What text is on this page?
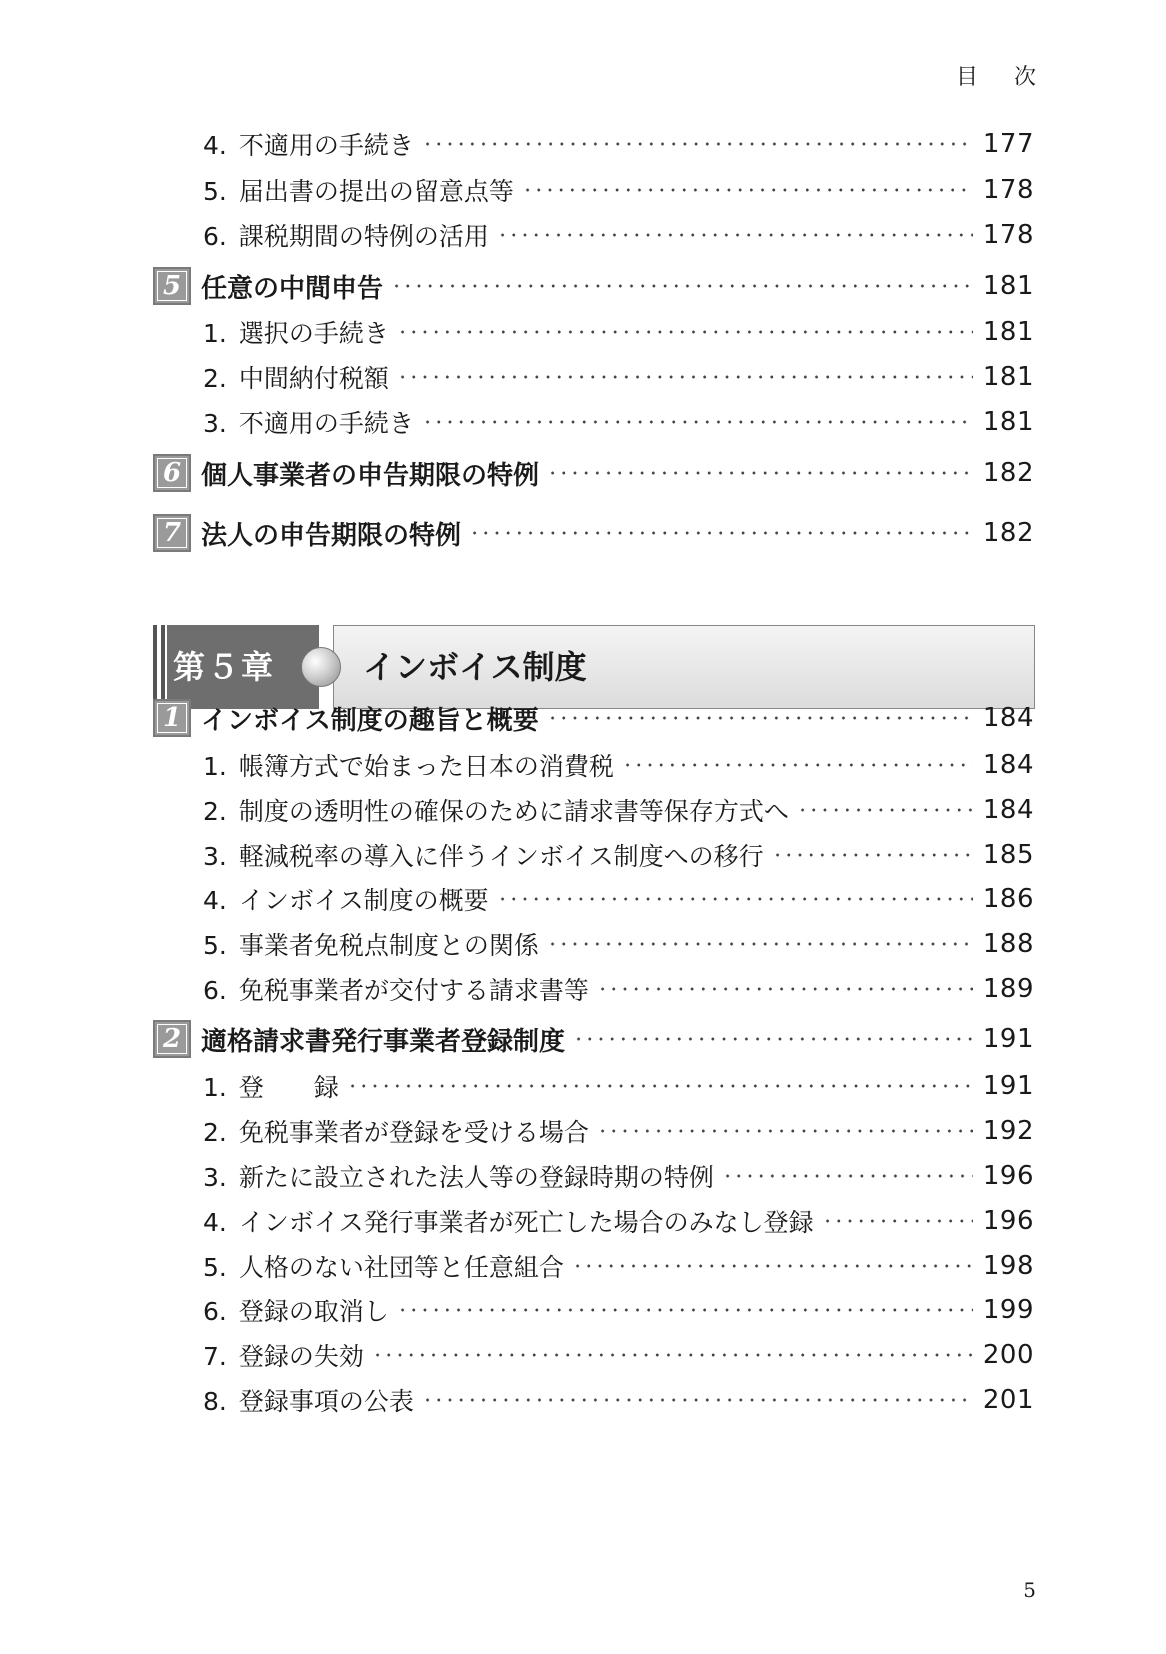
目 次
4. 不適用の手続き	177
5. 届出書の提出の留意点等	178
6. 課税期間の特例の活用	178
5 任意の中間申告	181
1. 選択の手続き	181
2. 中間納付税額	181
3. 不適用の手続き	181
6 個人事業者の申告期限の特例	182
7 法人の申告期限の特例	182
第５章	インボイス制度
1 インボイス制度の趣旨と概要	184
1. 帳簿方式で始まった日本の消費税	184
2. 制度の透明性の確保のために請求書等保存方式へ	184
3. 軽減税率の導入に伴うインボイス制度への移行	185
4. インボイス制度の概要	186
5. 事業者免税点制度との関係	188
6. 免税事業者が交付する請求書等	189
2 適格請求書発行事業者登録制度	191
1. 登　　録	191
2. 免税事業者が登録を受ける場合	192
3. 新たに設立された法人等の登録時期の特例	196
4. インボイス発行事業者が死亡した場合のみなし登録	196
5. 人格のない社団等と任意組合	198
6. 登録の取消し	199
7. 登録の失効	200
8. 登録事項の公表	201
5
